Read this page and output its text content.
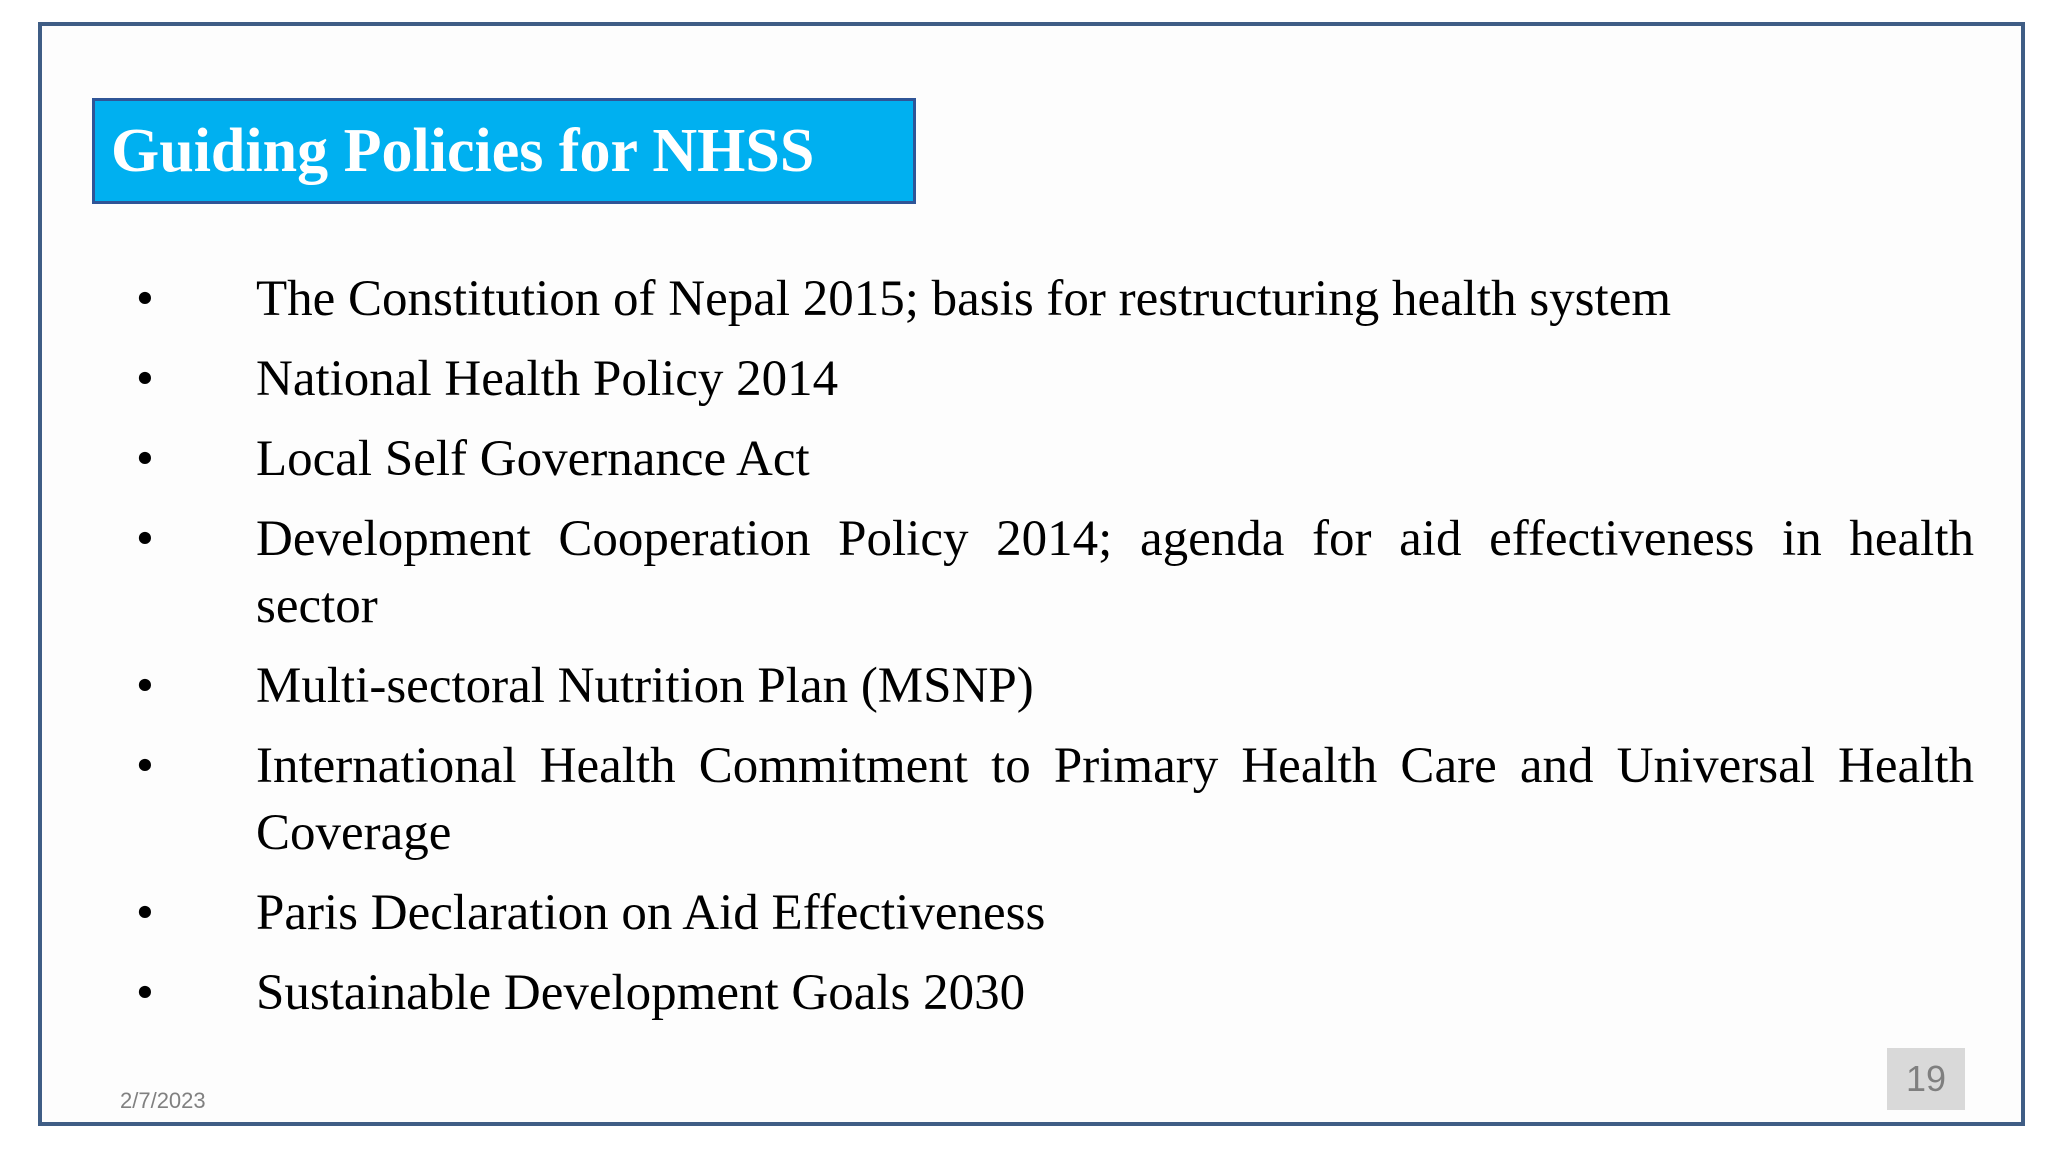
Guiding Policies for NHSS
•	The Constitution of Nepal 2015; basis for restructuring health system
•	National Health Policy 2014
•	Local Self Governance Act
•	Development Cooperation Policy 2014; agenda for aid effectiveness in health sector
•	Multi-sectoral Nutrition Plan (MSNP)
•	International Health Commitment to Primary Health Care and Universal Health Coverage
•	Paris Declaration on Aid Effectiveness
•	Sustainable Development Goals 2030
2/7/2023
19
